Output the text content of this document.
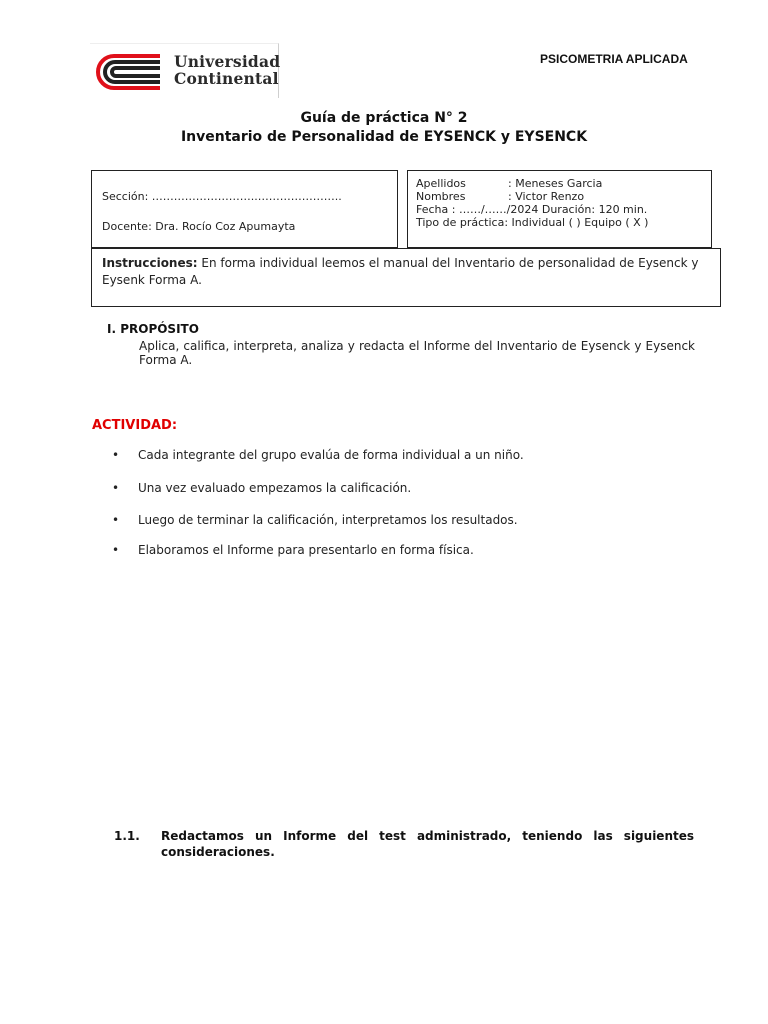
Universidad
Continental
PSICOMETRIA APLICADA
Guía de práctica N° 2
Inventario de Personalidad de EYSENCK y EYSENCK
Sección: ………………………..…………………..
Docente: Dra. Rocío Coz Apumayta
Apellidos	: Meneses Garcia
Nombres	: Victor Renzo
Fecha : ……/……/2024 Duración: 120 min.
Tipo de práctica: Individual ( ) Equipo ( X )
Instrucciones: En forma individual leemos el manual del Inventario de personalidad de Eysenck y Eysenk Forma A.
I. PROPÓSITO
Aplica, califica, interpreta, analiza y redacta el Informe del Inventario de Eysenck y Eysenck Forma A.
ACTIVIDAD:
•	Cada integrante del grupo evalúa de forma individual a un niño.
•	Una vez evaluado empezamos la calificación.
•	Luego de terminar la calificación, interpretamos los resultados.
•	Elaboramos el Informe para presentarlo en forma física.
1.1.	Redactamos un Informe del test administrado, teniendo las siguientes consideraciones.
